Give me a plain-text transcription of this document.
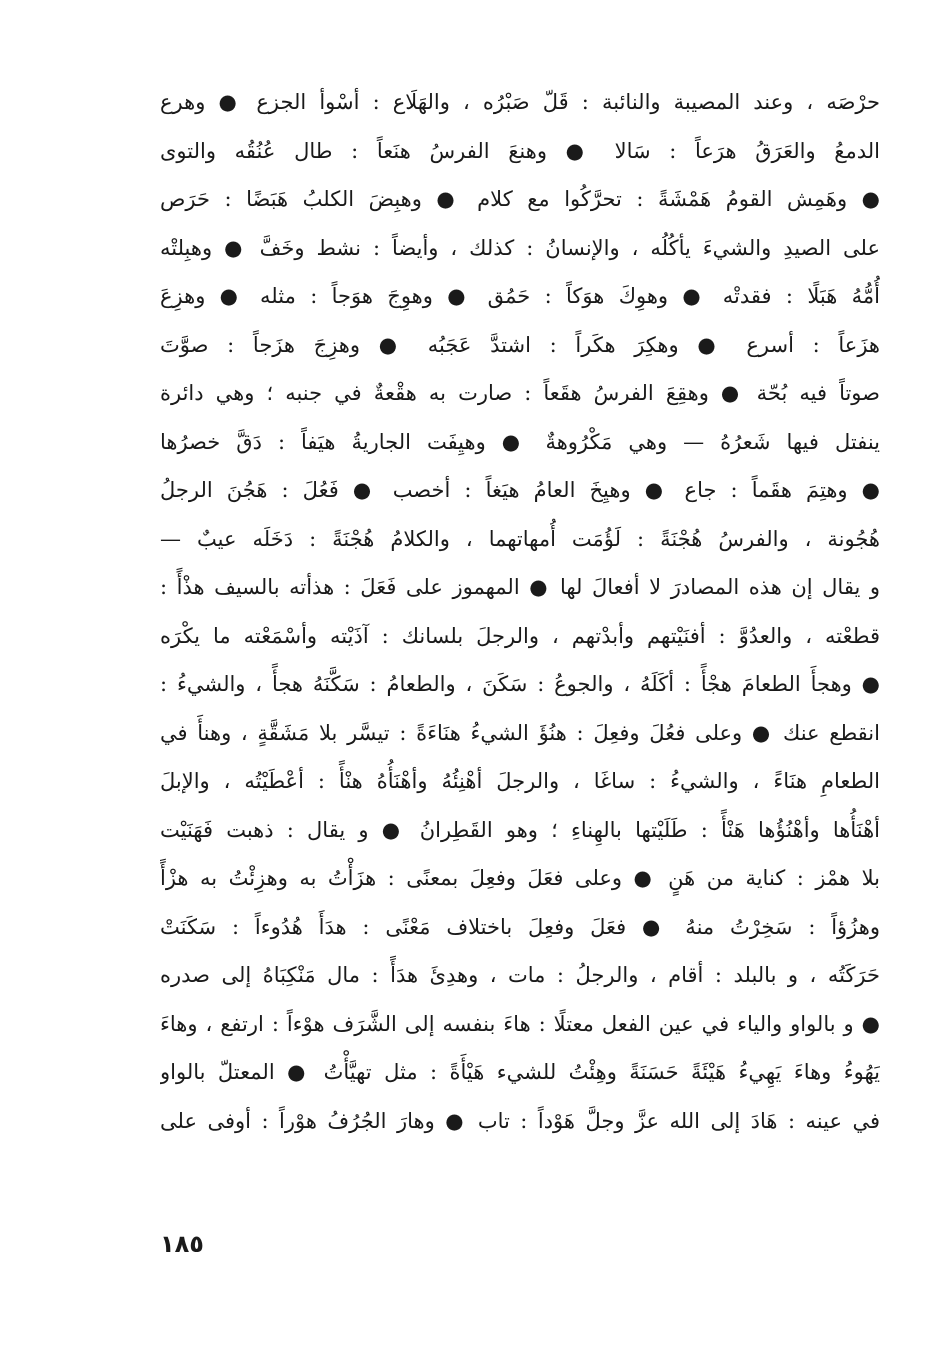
حرْصَه ، وعند المصيبة والنائبة : قَلّ صَبْرُه ، والهَلَاع : أسْوأ الجزع ● وهرع
الدمعُ والعَرَقُ هرَعاً : سَالا ● وهنعَ الفرسُ هنَعاً : طال عُنُقُه والتوى
● وهَمِش القومُ هَمْشَةً : تحرَّكُوا مع كلام ● وهبِضَ الكلبُ هَبَضًا : حَرَص
على الصيدِ والشيءَ يأكُلُه ، والإنسانُ : كذلك ، وأيضاً : نشط وخَفَّ ● وهبِلتْه
أُمُّهُ هَبَلًا : فقدتْه ● وهوِكَ هوَكاً : حَمُق ● وهوِجَ هوَجاً : مثله ● وهزِعَ
هزَعاً : أسرع ● وهكِرَ هكَراً : اشتدَّ عَجَبُه ● وهزِجَ هزَجاً : صوَّتَ
صوتاً فيه بُحّة ● وهقِعَ الفرسُ هقَعاً : صارت به هقْعةٌ في جنبه ؛ وهي دائرة
ينفتل فيها شَعرُهُ — وهي مَكْرُوهةٌ ● وهيِفَت الجاريةُ هيَفاً : دَقَّ خصرُها
● وهتِمَ هقَماً : جاع ● وهيِخَ العامُ هيَغاً : أخصب ● فَعُلَ : هَجُنَ الرجلُ
هُجُونة ، والفرسُ هُجْنَةً : لَؤُمَت أُمهاتهما ، والكلامُ هُجْنَةً : دَخَلَه عيبٌ —
و يقال إن هذه المصادرَ لا أفعالَ لها ● المهموز على فَعَلَ : هذأته بالسيف هذْأً :
قطعْته ، والعدُوَّ : أفنَيْتهم وأبدْتهم ، والرجلَ بلسانك : آذَيْته وأسْمَعْته ما يكْرَه
● وهجأَ الطعامَ هجْأً : أكَلَهُ ، والجوعُ : سَكَنَ ، والطعامُ : سَكَّنَهُ هجأً ، والشيءُ :
انقطع عنك ● وعلى فعُلَ وفعِلَ : هنُؤَ الشيءُ هنَاءَةً : تيسَّر بلا مَشَقَّةٍ ، وهنأَ في
الطعامِ هنَاءً ، والشيءُ : ساغَا ، والرجلَ أهْنِئُهُ وأهْنَأُهُ هنْأً : أعْطَيْتُه ، والإبلَ
أهْنَأُها وأهْنُؤُها هَنْأً : طَلَيْتها بالهِناءِ ؛ وهو القَطِرانُ ● و يقال : ذهبت فَهَنَيْت
بلا همْز : كناية من هَنٍ ● وعلى فعَلَ وفعِلَ بمعنًى : هزَأْتُ به وهزِئْتُ به هزْأً
وهزُؤاً : سَخِرْتُ منهُ ● فعَلَ وفعِلَ باختلاف مَعْنًى : هدَأَ هُدُوءاً : سَكَنَتْ
حَرَكَتُه ، و بالبلد : أقام ، والرجلُ : مات ، وهدِئَ هدَأً : مال مَنْكِبَاهُ إلى صدره
● و بالواو والياء في عين الفعل معتلًا : هاءَ بنفسه إلى الشَّرَف هوْءاً : ارتفع ، وهاءَ
يَهُوءُ وهاءَ يَهِيءُ هَيْئَةً حَسَنَةً وهِئْتُ للشيء هَيْأَةً : مثل تهيَّأْتُ ● المعتلّ بالواو
في عينه : هَادَ إلى الله عزَّ وجلَّ هَوْداً : تاب ● وهارَ الجُرُفُ هوْراً : أوفى على
١٨٥
